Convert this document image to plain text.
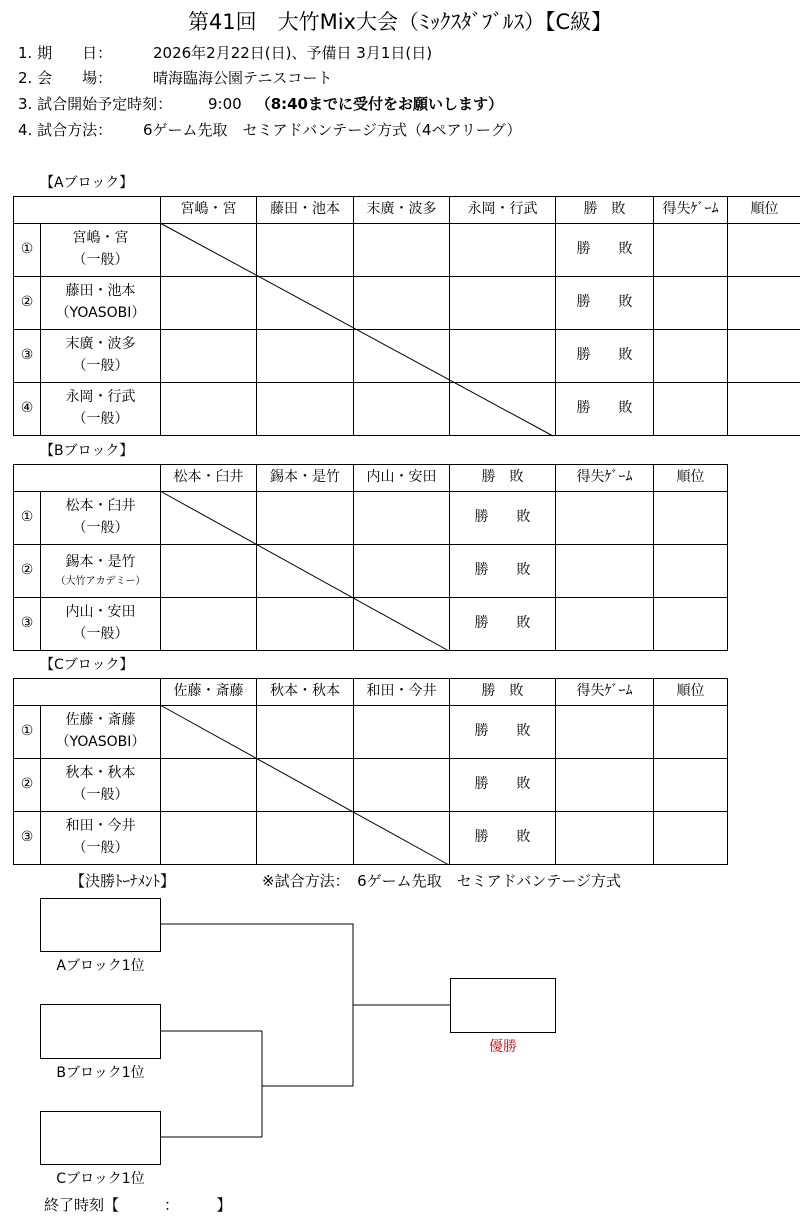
第41回　大竹Mix大会（ﾐｯｸｽﾀﾞﾌﾞﾙｽ）【C級】
1. 期　　日：	2026年2月22日(日)、予備日 3月1日(日)
2. 会　　場：	晴海臨海公園テニスコート
3. 試合開始予定時刻： 9:00 （8:40までに受付をお願いします）
4. 試合方法： 6ゲーム先取　セミアドバンテージ方式（4ペアリーグ）
【Aブロック】
		宮嶋・宮	藤田・池本	末廣・波多	永岡・行武	勝　敗	得失ｹﾞｰﾑ	順位
①	宮嶋・宮
（一般）					勝 敗		
②	藤田・池本
（YOASOBI）					勝 敗		
③	末廣・波多
（一般）					勝 敗		
④	永岡・行武
（一般）					勝 敗		
【Bブロック】
		松本・臼井	錫本・是竹	内山・安田	勝　敗	得失ｹﾞｰﾑ	順位
①	松本・臼井
（一般）				勝 敗		
②	錫本・是竹
（大竹アカデミー）				勝 敗		
③	内山・安田
（一般）				勝 敗		
【Cブロック】
		佐藤・斎藤	秋本・秋本	和田・今井	勝　敗	得失ｹﾞｰﾑ	順位
①	佐藤・斎藤
（YOASOBI）				勝 敗		
②	秋本・秋本
（一般）				勝 敗		
③	和田・今井
（一般）				勝 敗		
【決勝ﾄｰﾅﾒﾝﾄ】	※試合方法：　6ゲーム先取　セミアドバンテージ方式
Aブロック1位
Bブロック1位
Cブロック1位
優勝
終了時刻【　　　：　　　】
